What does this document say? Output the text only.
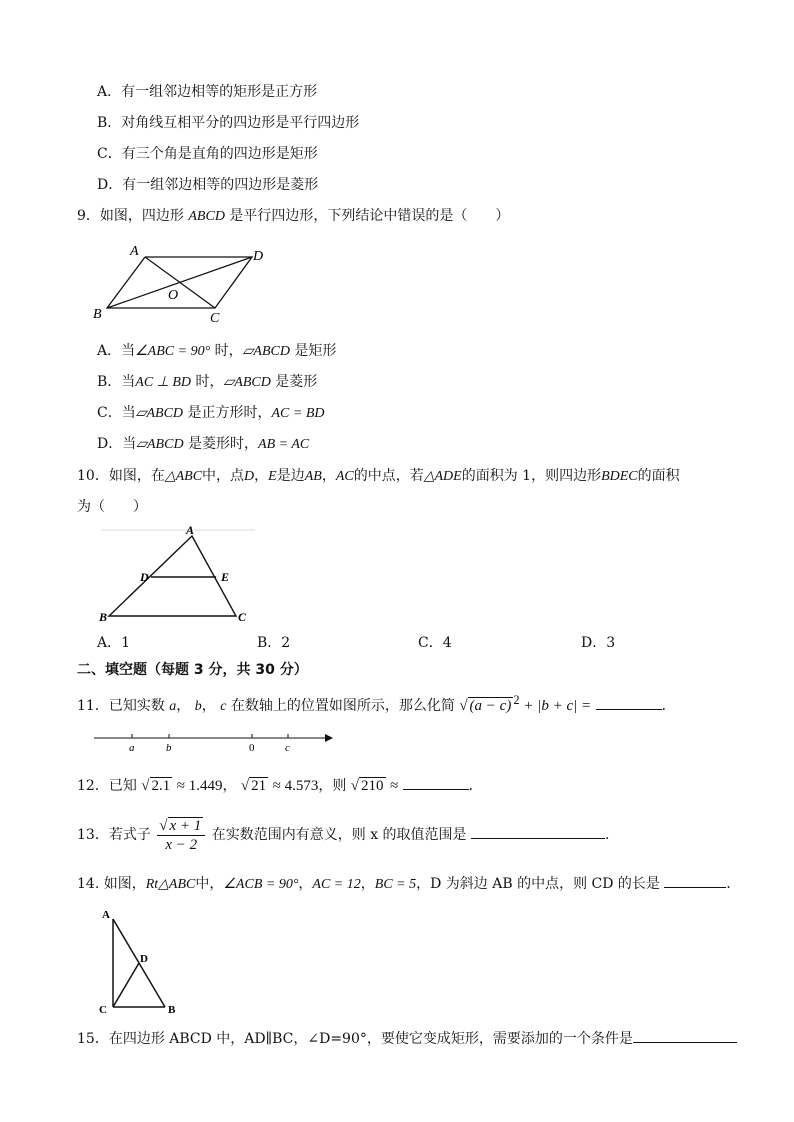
A．有一组邻边相等的矩形是正方形
B．对角线互相平分的四边形是平行四边形
C．有三个角是直角的四边形是矩形
D．有一组邻边相等的四边形是菱形
9．如图，四边形 ABCD 是平行四边形，下列结论中错误的是（　　）
A	D
B	C
O
A．当∠ABC = 90° 时，▱ABCD 是矩形
B．当AC ⊥ BD 时，▱ABCD 是菱形
C．当▱ABCD 是正方形时，AC = BD
D．当▱ABCD 是菱形时，AB = AC
10．如图，在△ABC中，点D，E是边AB，AC的中点，若△ADE的面积为 1，则四边形BDEC的面积
为（　　）
A
D	E
B	C
A．1	B．2	C．4	D．3
二、填空题（每题 3 分，共 30 分）
11．已知实数 a， b， c 在数轴上的位置如图所示，那么化简 √ (a − c) $^2$ + |b + c| =	．
a	b	0	c
12．已知 √ 2.1 ≈ 1.449， √ 21 ≈ 4.573，则 √ 210 ≈	．
13．若式子 $\frac{√ x + 1}{x - 2}$ 在实数范围内有意义，则 x 的取值范围是	．
14. 如图，Rt△ABC中，∠ACB = 90°，AC = 12，BC = 5，D 为斜边 AB 的中点，则 CD 的长是	．
A
D
C	B
15．在四边形 ABCD 中，AD∥BC，∠D=90°，要使它变成矩形，需要添加的一个条件是
